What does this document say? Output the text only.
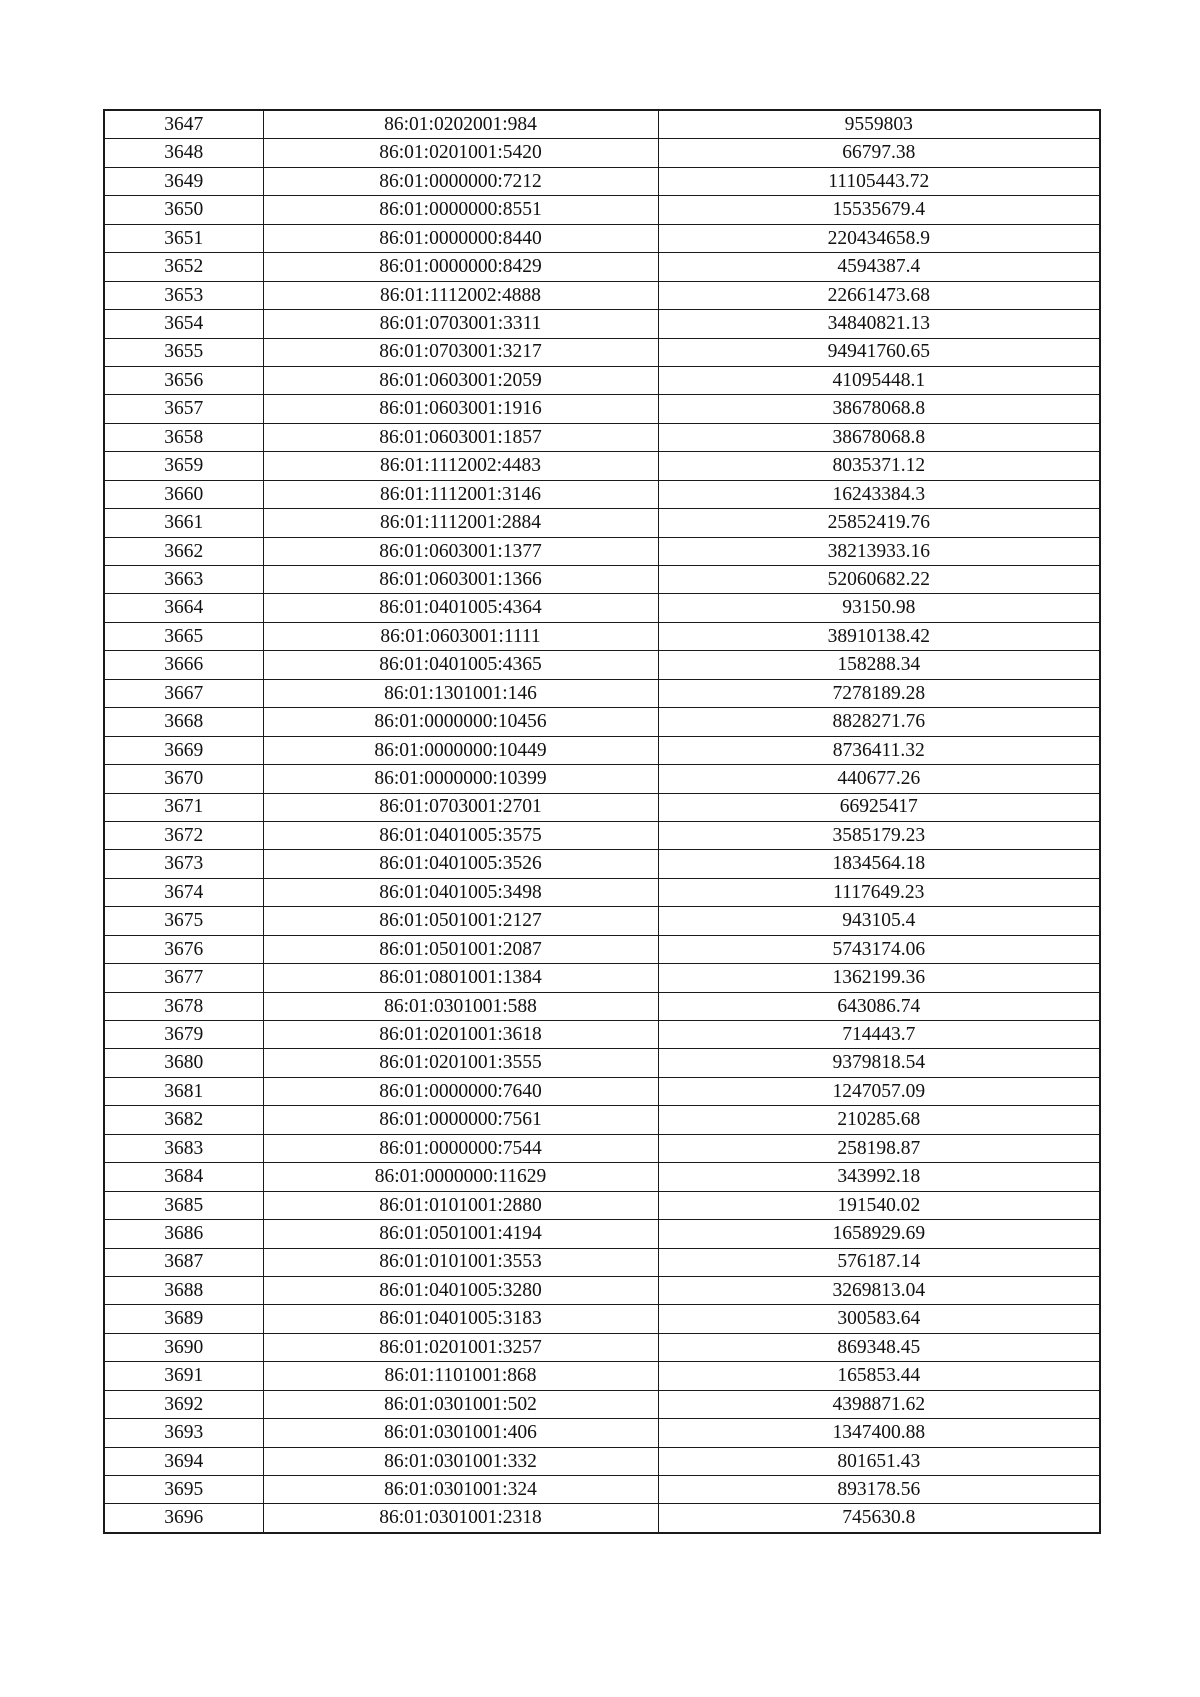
3647	86:01:0202001:984	9559803
3648	86:01:0201001:5420	66797.38
3649	86:01:0000000:7212	11105443.72
3650	86:01:0000000:8551	15535679.4
3651	86:01:0000000:8440	220434658.9
3652	86:01:0000000:8429	4594387.4
3653	86:01:1112002:4888	22661473.68
3654	86:01:0703001:3311	34840821.13
3655	86:01:0703001:3217	94941760.65
3656	86:01:0603001:2059	41095448.1
3657	86:01:0603001:1916	38678068.8
3658	86:01:0603001:1857	38678068.8
3659	86:01:1112002:4483	8035371.12
3660	86:01:1112001:3146	16243384.3
3661	86:01:1112001:2884	25852419.76
3662	86:01:0603001:1377	38213933.16
3663	86:01:0603001:1366	52060682.22
3664	86:01:0401005:4364	93150.98
3665	86:01:0603001:1111	38910138.42
3666	86:01:0401005:4365	158288.34
3667	86:01:1301001:146	7278189.28
3668	86:01:0000000:10456	8828271.76
3669	86:01:0000000:10449	8736411.32
3670	86:01:0000000:10399	440677.26
3671	86:01:0703001:2701	66925417
3672	86:01:0401005:3575	3585179.23
3673	86:01:0401005:3526	1834564.18
3674	86:01:0401005:3498	1117649.23
3675	86:01:0501001:2127	943105.4
3676	86:01:0501001:2087	5743174.06
3677	86:01:0801001:1384	1362199.36
3678	86:01:0301001:588	643086.74
3679	86:01:0201001:3618	714443.7
3680	86:01:0201001:3555	9379818.54
3681	86:01:0000000:7640	1247057.09
3682	86:01:0000000:7561	210285.68
3683	86:01:0000000:7544	258198.87
3684	86:01:0000000:11629	343992.18
3685	86:01:0101001:2880	191540.02
3686	86:01:0501001:4194	1658929.69
3687	86:01:0101001:3553	576187.14
3688	86:01:0401005:3280	3269813.04
3689	86:01:0401005:3183	300583.64
3690	86:01:0201001:3257	869348.45
3691	86:01:1101001:868	165853.44
3692	86:01:0301001:502	4398871.62
3693	86:01:0301001:406	1347400.88
3694	86:01:0301001:332	801651.43
3695	86:01:0301001:324	893178.56
3696	86:01:0301001:2318	745630.8
